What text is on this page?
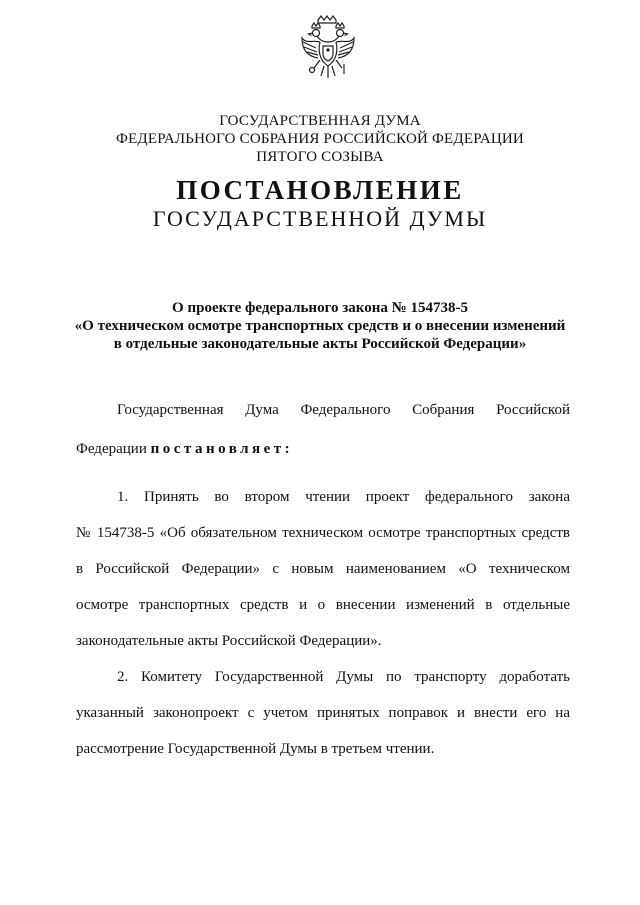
ГОСУДАРСТВЕННАЯ ДУМА
ФЕДЕРАЛЬНОГО СОБРАНИЯ РОССИЙСКОЙ ФЕДЕРАЦИИ
ПЯТОГО СОЗЫВА
ПОСТАНОВЛЕНИЕ
ГОСУДАРСТВЕННОЙ ДУМЫ
О проекте федерального закона № 154738-5
«О техническом осмотре транспортных средств и о внесении изменений
в отдельные законодательные акты Российской Федерации»
Государственная Дума Федерального Собрания Российской
Федерации постановляет:
1. Принять во втором чтении проект федерального закона
№ 154738-5 «Об обязательном техническом осмотре транспортных средств
в Российской Федерации» с новым наименованием «О техническом
осмотре транспортных средств и о внесении изменений в отдельные
законодательные акты Российской Федерации».
2. Комитету Государственной Думы по транспорту доработать
указанный законопроект с учетом принятых поправок и внести его на
рассмотрение Государственной Думы в третьем чтении.
